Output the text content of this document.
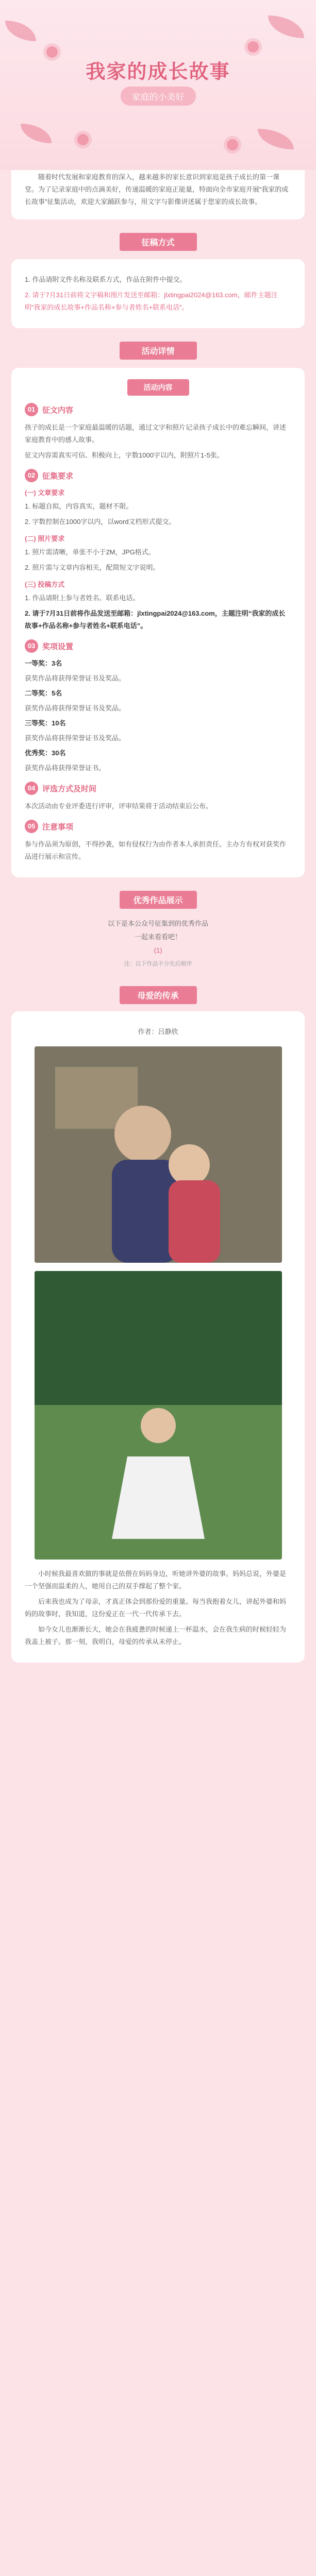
我家的成长故事
家庭的小美好
随着时代发展和家庭教育的深入，越来越多的家长意识到家庭是孩子成长的第一课堂。为了记录家庭中的点滴美好，传递温暖的家庭正能量，特面向全市家庭开展“我家的成长故事”征集活动，欢迎大家踊跃参与，用文字与影像讲述属于您家的成长故事。
征稿方式
1. 作品请附文件名称及联系方式，作品在附件中提交。
2. 请于7月31日前将文字稿和图片发送至邮箱：jlxtingpai2024@163.com，邮件主题注明“我家的成长故事+作品名称+参与者姓名+联系电话”。
活动详情
活动内容
01 征文内容
孩子的成长是一个家庭最温暖的话题，通过文字和照片记录孩子成长中的难忘瞬间，讲述家庭教育中的感人故事。
征文内容需真实可信、积极向上，字数1000字以内，附照片1-5张。
02 征集要求
(一) 文章要求
1. 标题自拟，内容真实，题材不限。
2. 字数控制在1000字以内，以word文档形式提交。
(二) 照片要求
1. 照片需清晰，单张不小于2M，JPG格式。
2. 照片需与文章内容相关，配简短文字说明。
(三) 投稿方式
1. 作品请附上参与者姓名、联系电话。
2. 请于7月31日前将作品发送至邮箱：jlxtingpai2024@163.com，主题注明“我家的成长故事+作品名称+参与者姓名+联系电话”。
03 奖项设置
一等奖：3名
获奖作品将获得荣誉证书及奖品。
二等奖：5名
获奖作品将获得荣誉证书及奖品。
三等奖：10名
获奖作品将获得荣誉证书及奖品。
优秀奖：30名
获奖作品将获得荣誉证书。
04 评选方式及时间
本次活动由专业评委进行评审，评审结果将于活动结束后公布。
05 注意事项
参与作品须为原创，不得抄袭，如有侵权行为由作者本人承担责任。主办方有权对获奖作品进行展示和宣传。
优秀作品展示
以下是本公众号征集到的优秀作品
一起来看看吧！
(1)
注：以下作品不分先后顺序
母爱的传承
作者：吕静欣
小时候我最喜欢做的事就是依偎在妈妈身边，听她讲外婆的故事。妈妈总说，外婆是一个坚强而温柔的人，她用自己的双手撑起了整个家。
后来我也成为了母亲，才真正体会到那份爱的重量。每当我抱着女儿，讲起外婆和妈妈的故事时，我知道，这份爱正在一代一代传承下去。
如今女儿也渐渐长大，她会在我疲惫的时候递上一杯温水，会在我生病的时候轻轻为我盖上被子。那一刻，我明白，母爱的传承从未停止。
